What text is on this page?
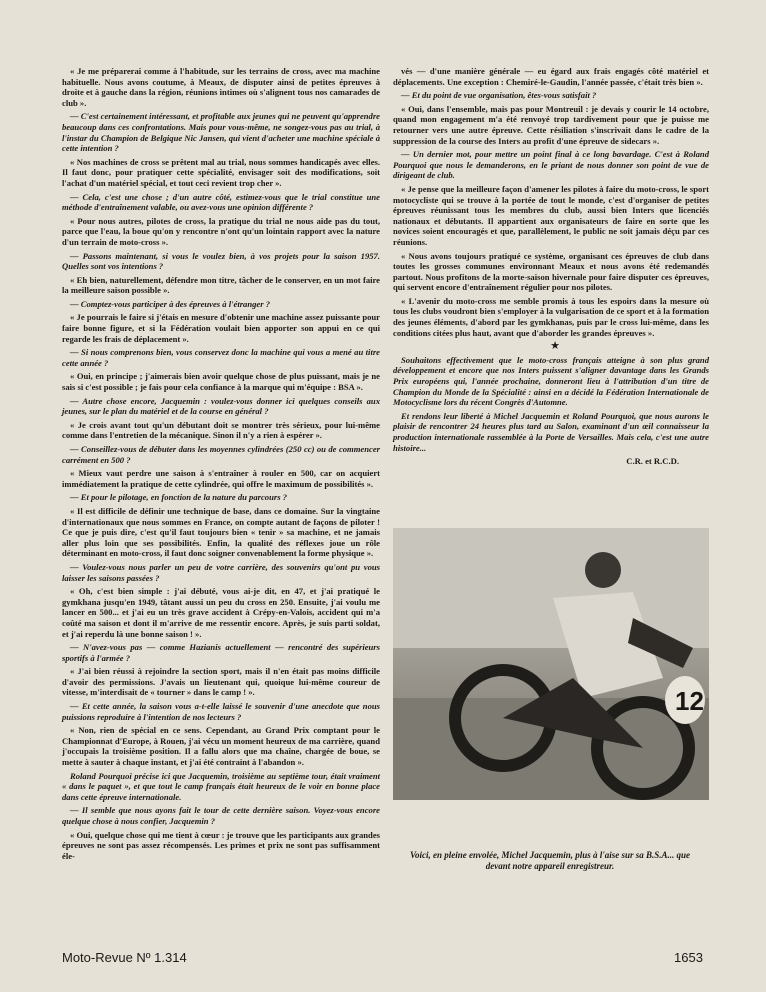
« Je me préparerai comme à l'habitude, sur les terrains de cross, avec ma machine habituelle. Nous avons coutume, à Meaux, de disputer ainsi de petites épreuves à droite et à gauche dans la région, réunions intimes où s'alignent tous nos camarades de club ».

— C'est certainement intéressant, et profitable aux jeunes qui ne peuvent qu'apprendre beaucoup dans ces confrontations. Mais pour vous-même, ne songez-vous pas au trial, à l'instar du Champion de Belgique Nic Jansen, qui vient d'acheter une machine spéciale à cette intention ?

« Nos machines de cross se prêtent mal au trial, nous sommes handicapés avec elles. Il faut donc, pour pratiquer cette spécialité, envisager soit des modifications, soit l'achat d'un matériel spécial, et tout ceci revient trop cher ».

— Cela, c'est une chose ; d'un autre côté, estimez-vous que le trial constitue une méthode d'entraînement valable, ou avez-vous une opinion différente ?

« Pour nous autres, pilotes de cross, la pratique du trial ne nous aide pas du tout, parce que l'eau, la boue qu'on y rencontre n'ont qu'un lointain rapport avec la nature d'un terrain de moto-cross ».

— Passons maintenant, si vous le voulez bien, à vos projets pour la saison 1957. Quelles sont vos intentions ?

« Eh bien, naturellement, défendre mon titre, tâcher de le conserver, en un mot faire la meilleure saison possible ».

— Comptez-vous participer à des épreuves à l'étranger ?

« Je pourrais le faire si j'étais en mesure d'obtenir une machine assez puissante pour faire bonne figure, et si la Fédération voulait bien apporter son appui en ce qui regarde les frais de déplacement ».

— Si nous comprenons bien, vous conservez donc la machine qui vous a mené au titre cette année ?

« Oui, en principe ; j'aimerais bien avoir quelque chose de plus puissant, mais je ne sais si c'est possible ; je fais pour cela confiance à la marque qui m'équipe : BSA ».

— Autre chose encore, Jacquemin : voulez-vous donner ici quelques conseils aux jeunes, sur le plan du matériel et de la course en général ?

« Je crois avant tout qu'un débutant doit se montrer très sérieux, pour lui-même comme dans l'entretien de la mécanique. Sinon il n'y a rien à espérer ».

— Conseillez-vous de débuter dans les moyennes cylindrées (250 cc) ou de commencer carrément en 500 ?

« Mieux vaut perdre une saison à s'entraîner à rouler en 500, car on acquiert immédiatement la pratique de cette cylindrée, qui offre le maximum de possibilités ».

— Et pour le pilotage, en fonction de la nature du parcours ?

« Il est difficile de définir une technique de base, dans ce domaine. Sur la vingtaine d'internationaux que nous sommes en France, on compte autant de façons de piloter ! Ce que je puis dire, c'est qu'il faut toujours bien « tenir » sa machine, et ne jamais aller plus loin que ses possibilités. Enfin, la qualité des réflexes joue un rôle déterminant en moto-cross, il faut donc soigner convenablement la forme physique ».

— Voulez-vous nous parler un peu de votre carrière, des souvenirs qu'ont pu vous laisser les saisons passées ?

« Oh, c'est bien simple : j'ai débuté, vous ai-je dit, en 47, et j'ai pratiqué le gymkhana jusqu'en 1949, tâtant aussi un peu du cross en 250. Ensuite, j'ai voulu me lancer en 500... et j'ai eu un très grave accident à Crépy-en-Valois, accident qui m'a coûté ma saison et dont il m'arrive de me ressentir encore. Après, je suis parti soldat, et j'ai reperdu là une bonne saison ! ».

— N'avez-vous pas — comme Hazianis actuellement — rencontré des supérieurs sportifs à l'armée ?

« J'ai bien réussi à rejoindre la section sport, mais il n'en était pas moins difficile d'avoir des permissions. J'avais un lieutenant qui, quoique lui-même coureur de vitesse, m'interdisait de « tourner » dans le camp ! ».

— Et cette année, la saison vous a-t-elle laissé le souvenir d'une anecdote que nous puissions reproduire à l'intention de nos lecteurs ?

« Non, rien de spécial en ce sens. Cependant, au Grand Prix comptant pour le Championnat d'Europe, à Rouen, j'ai vécu un moment heureux de ma carrière, quand j'occupais la troisième position. Il a fallu alors que ma chaîne, chargée de boue, se mette à sauter à chaque instant, et j'ai été contraint à l'abandon ».

Roland Pourquoi précise ici que Jacquemin, troisième au septième tour, était vraiment « dans le paquet », et que tout le camp français était heureux de le voir en bonne place dans cette épreuve internationale.

— Il semble que nous ayons fait le tour de cette dernière saison. Voyez-vous encore quelque chose à nous confier, Jacquemin ?

« Oui, quelque chose qui me tient à cœur : je trouve que les participants aux grandes épreuves ne sont pas assez récompensés. Les primes et prix ne sont pas suffisamment éle-

vés — d'une manière générale — eu égard aux frais engagés côté matériel et déplacements. Une exception : Chemiré-le-Gaudin, l'année passée, c'était très bien ».

— Et du point de vue organisation, êtes-vous satisfait ?

« Oui, dans l'ensemble, mais pas pour Montreuil : je devais y courir le 14 octobre, quand mon engagement m'a été renvoyé trop tardivement pour que je puisse me retourner vers une autre épreuve. Cette résiliation s'inscrivait dans le cadre de la suppression de la course des Inters au profit d'une épreuve de sidecars ».

— Un dernier mot, pour mettre un point final à ce long bavardage. C'est à Roland Pourquoi que nous le demanderons, en le priant de nous donner son point de vue de dirigeant de club.

« Je pense que la meilleure façon d'amener les pilotes à faire du moto-cross, le sport motocycliste qui se trouve à la portée de tout le monde, c'est d'organiser de petites épreuves réunissant tous les membres du club, aussi bien Inters que licenciés nationaux et débutants. Il appartient aux organisateurs de faire en sorte que les novices soient encouragés et que, parallèlement, le public ne soit jamais déçu par ces réunions.

« Nous avons toujours pratiqué ce système, organisant ces épreuves de club dans toutes les grosses communes environnant Meaux et nous avons été redemandés partout. Nous profitons de la morte-saison hivernale pour faire disputer ces épreuves, qui servent encore d'entraînement régulier pour nos pilotes.

« L'avenir du moto-cross me semble promis à tous les espoirs dans la mesure où tous les clubs voudront bien s'employer à la vulgarisation de ce sport et à la formation des jeunes éléments, d'abord par les gymkhanas, puis par le cross lui-même, dans les conditions citées plus haut, avant que d'aborder les grandes épreuves ».

★

Souhaitons effectivement que le moto-cross français atteigne à son plus grand développement et encore que nos Inters puissent s'aligner davantage dans les Grands Prix européens qui, l'année prochaine, donneront lieu à l'attribution d'un titre de Champion du Monde de la Spécialité : ainsi en a décidé la Fédération Internationale de Motocyclisme lors du récent Congrès d'Automne.

Et rendons leur liberté à Michel Jacquemin et Roland Pourquoi, que nous aurons le plaisir de rencontrer 24 heures plus tard au Salon, examinant d'un œil connaisseur la production internationale rassemblée à la Porte de Versailles. Mais cela, c'est une autre histoire...

C.R. et R.C.D.

12
Voici, en pleine envolée, Michel Jacquemin, plus à l'aise sur sa B.S.A... que devant notre appareil enregistreur.
Moto-Revue Nº 1.314	1653
